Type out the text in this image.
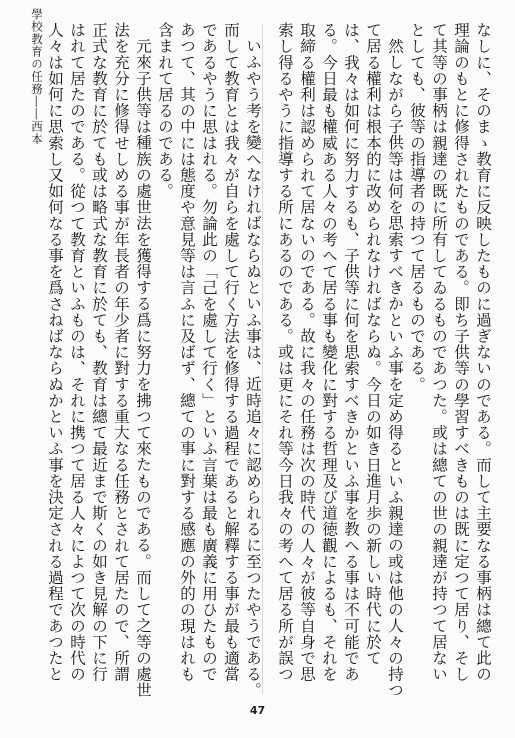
學校教育の任務――西本	いふやう考を變へなければならぬといふ事は、近時追々に認められるに至つたやうである。而して教育とは我々が自らを處して行く方法を修得する過程であると解釋する事が最も適當であるやうに思はれる。勿論此の「己を處して行く」といふ言葉は最も廣義に用ひたものであつて、其の中には態度や意見等は言ふに及ばず、總ての事に對する感應の外的の現はれも含まれて居るのである。

元來子供等は種族の處世法を獲得する爲に努力を拂つて來たものである。而して之等の處世法を充分に修得せしめる事が年長者の年少者に對する重大なる任務とされて居たので、所謂正式な教育に於ても或は略式な教育に於ても、教育は總て最近まで斯くの如き見解の下に行はれて居たのである。從つて教育といふものは、それに携つて居る人々によつて次の時代の人々は如何に思索し又如何なる事を爲さねばならぬかといふ事を決定される過程であつたと	なしに、そのまゝ教育に反映したものに過ぎないのである。而して主要なる事柄は總て此の理論のもとに修得されたものである。即ち子供等の學習すべきものは既に定つて居り、そして其等の事柄は親達の既に所有してゐるものであつた。或は總ての世の親達が持つて居ないとしても、彼等の指導者の持つて居るものである。

然しながら子供等は何を思索すべきかといふ事を定め得るといふ親達の或は他の人々の持つて居る權利は根本的に改められなければならぬ。今日の如き日進月歩の新しい時代に於ては、我々は如何に努力するも、子供等に何を思索すべきかといふ事を教へる事は不可能である。今日最も權威ある人々の考へて居る事も變化に對する哲理及び道徳觀によるも、それを取締る權利は認められて居ないのである。故に我々の任務は次の時代の人々が彼等自身で思索し得るやうに指導する所にあるのである。或は更にそれ等今日我々の考へて居る所が誤つ

47
